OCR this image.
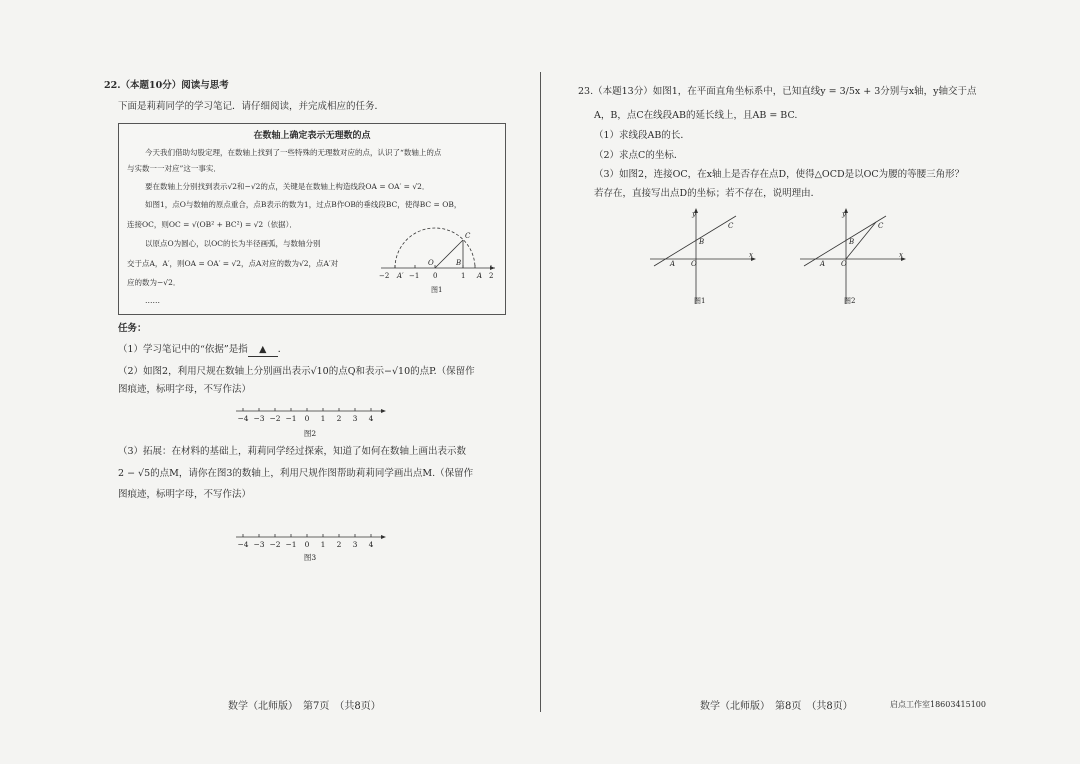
22.（本题10分）阅读与思考
下面是莉莉同学的学习笔记．请仔细阅读，并完成相应的任务．
在数轴上确定表示无理数的点
今天我们借助勾股定理，在数轴上找到了一些特殊的无理数对应的点，认识了“数轴上的点
与实数一一对应”这一事实．
要在数轴上分别找到表示√2和−√2的点，关键是在数轴上构造线段OA = OA′ = √2．
如图1，点O与数轴的原点重合，点B表示的数为1，过点B作OB的垂线段BC，使得BC = OB，
连接OC，则OC = √(OB² + BC²) = √2（依据）．
以原点O为圆心，以OC的长为半径画弧，与数轴分别
交于点A，A′，则OA = OA′ = √2，点A对应的数为√2，点A′对
应的数为−√2．
……
C
O	B
A′	A
−2	−1 0	1	2
图1
任务：
（1）学习笔记中的“依据”是指 ▲ ．
（2）如图2，利用尺规在数轴上分别画出表示√10的点Q和表示−√10的点P.（保留作
图痕迹，标明字母，不写作法）
−4 −3 −2 −1 0 1 2 3 4
图2
（3）拓展：在材料的基础上，莉莉同学经过探索，知道了如何在数轴上画出表示数
2 − √5的点M，请你在图3的数轴上，利用尺规作图帮助莉莉同学画出点M.（保留作
图痕迹，标明字母，不写作法）
−4 −3 −2 −1 0 1 2 3 4
图3
数学（北师版）　第7页　（共8页）
23.（本题13分）如图1，在平面直角坐标系中，已知直线y = 3/5x + 3分别与x轴，y轴交于点
A，B，点C在线段AB的延长线上，且AB = BC.
（1）求线段AB的长．
（2）求点C的坐标．
（3）如图2，连接OC，在x轴上是否存在点D，使得△OCD是以OC为腰的等腰三角形？
若存在，直接写出点D的坐标；若不存在，说明理由．
y
x
A O
B
C
图1
y
x
A O
B
C
图2
数学（北师版）　第8页　（共8页）	启点工作室18603415100
